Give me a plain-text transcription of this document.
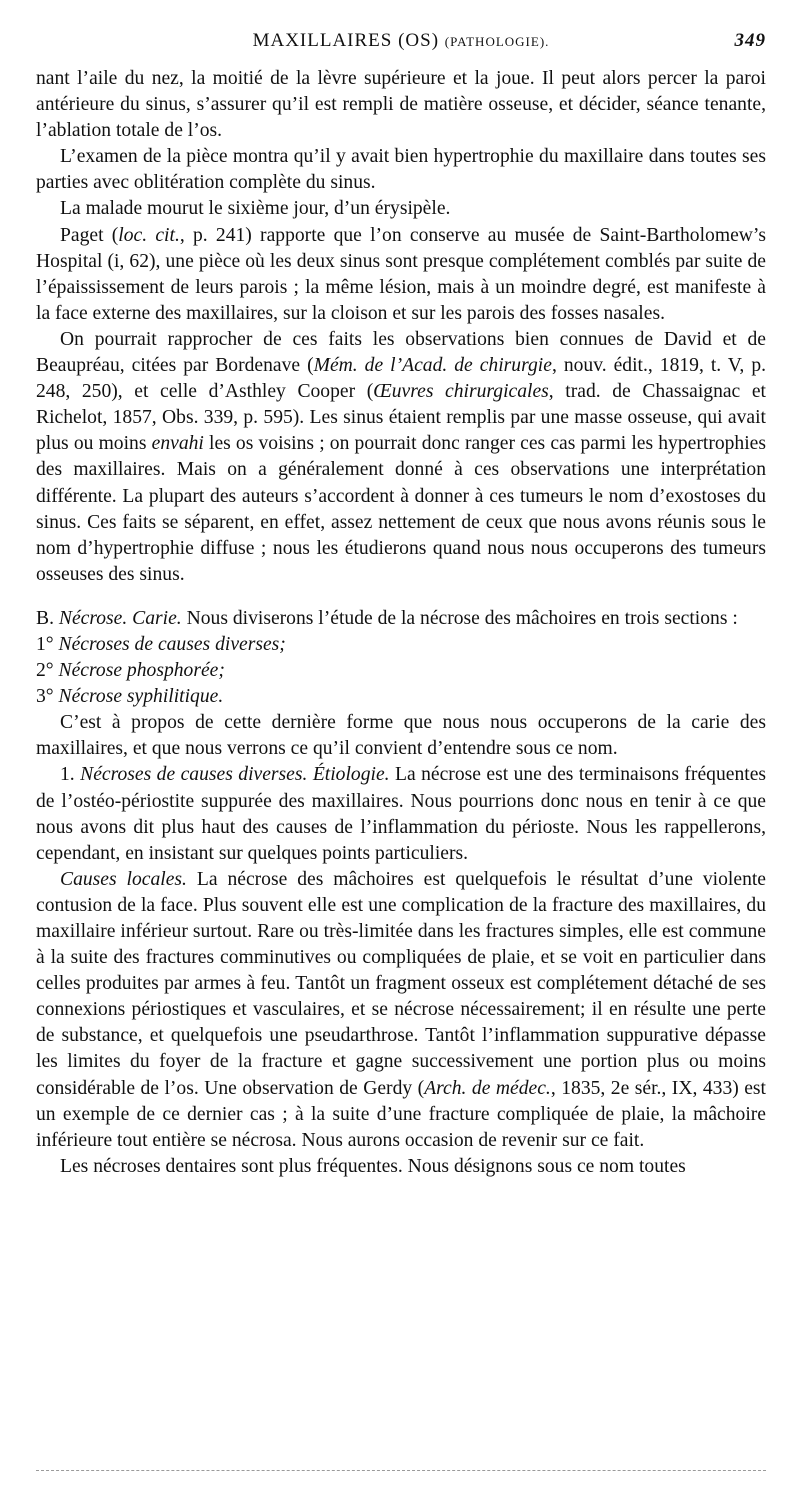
MAXILLAIRES (OS) (PATHOLOGIE).	349

nant l’aile du nez, la moitié de la lèvre supérieure et la joue. Il peut alors percer la paroi antérieure du sinus, s’assurer qu’il est rempli de matière osseuse, et décider, séance tenante, l’ablation totale de l’os.

L’examen de la pièce montra qu’il y avait bien hypertrophie du maxillaire dans toutes ses parties avec oblitération complète du sinus.

La malade mourut le sixième jour, d’un érysipèle.

Paget (loc. cit., p. 241) rapporte que l’on conserve au musée de Saint-Bartholomew’s Hospital (i, 62), une pièce où les deux sinus sont presque complétement comblés par suite de l’épaississement de leurs parois ; la même lésion, mais à un moindre degré, est manifeste à la face externe des maxillaires, sur la cloison et sur les parois des fosses nasales.

On pourrait rapprocher de ces faits les observations bien connues de David et de Beaupréau, citées par Bordenave (Mém. de l’Acad. de chirurgie, nouv. édit., 1819, t. V, p. 248, 250), et celle d’Asthley Cooper (Œuvres chirurgicales, trad. de Chassaignac et Richelot, 1857, Obs. 339, p. 595). Les sinus étaient remplis par une masse osseuse, qui avait plus ou moins envahi les os voisins ; on pourrait donc ranger ces cas parmi les hypertrophies des maxillaires. Mais on a généralement donné à ces observations une interprétation différente. La plupart des auteurs s’accordent à donner à ces tumeurs le nom d’exostoses du sinus. Ces faits se séparent, en effet, assez nettement de ceux que nous avons réunis sous le nom d’hypertrophie diffuse ; nous les étudierons quand nous nous occuperons des tumeurs osseuses des sinus.

B. Nécrose. Carie. Nous diviserons l’étude de la nécrose des mâchoires en trois sections :

1° Nécroses de causes diverses;

2° Nécrose phosphorée;

3° Nécrose syphilitique.

C’est à propos de cette dernière forme que nous nous occuperons de la carie des maxillaires, et que nous verrons ce qu’il convient d’entendre sous ce nom.

1. Nécroses de causes diverses. Étiologie. La nécrose est une des terminaisons fréquentes de l’ostéo-périostite suppurée des maxillaires. Nous pourrions donc nous en tenir à ce que nous avons dit plus haut des causes de l’inflammation du périoste. Nous les rappellerons, cependant, en insistant sur quelques points particuliers.

Causes locales. La nécrose des mâchoires est quelquefois le résultat d’une violente contusion de la face. Plus souvent elle est une complication de la fracture des maxillaires, du maxillaire inférieur surtout. Rare ou très-limitée dans les fractures simples, elle est commune à la suite des fractures comminutives ou compliquées de plaie, et se voit en particulier dans celles produites par armes à feu. Tantôt un fragment osseux est complétement détaché de ses connexions périostiques et vasculaires, et se nécrose nécessairement; il en résulte une perte de substance, et quelquefois une pseudarthrose. Tantôt l’inflammation suppurative dépasse les limites du foyer de la fracture et gagne successivement une portion plus ou moins considérable de l’os. Une observation de Gerdy (Arch. de médec., 1835, 2e sér., IX, 433) est un exemple de ce dernier cas ; à la suite d’une fracture compliquée de plaie, la mâchoire inférieure tout entière se nécrosa. Nous aurons occasion de revenir sur ce fait.

Les nécroses dentaires sont plus fréquentes. Nous désignons sous ce nom toutes
